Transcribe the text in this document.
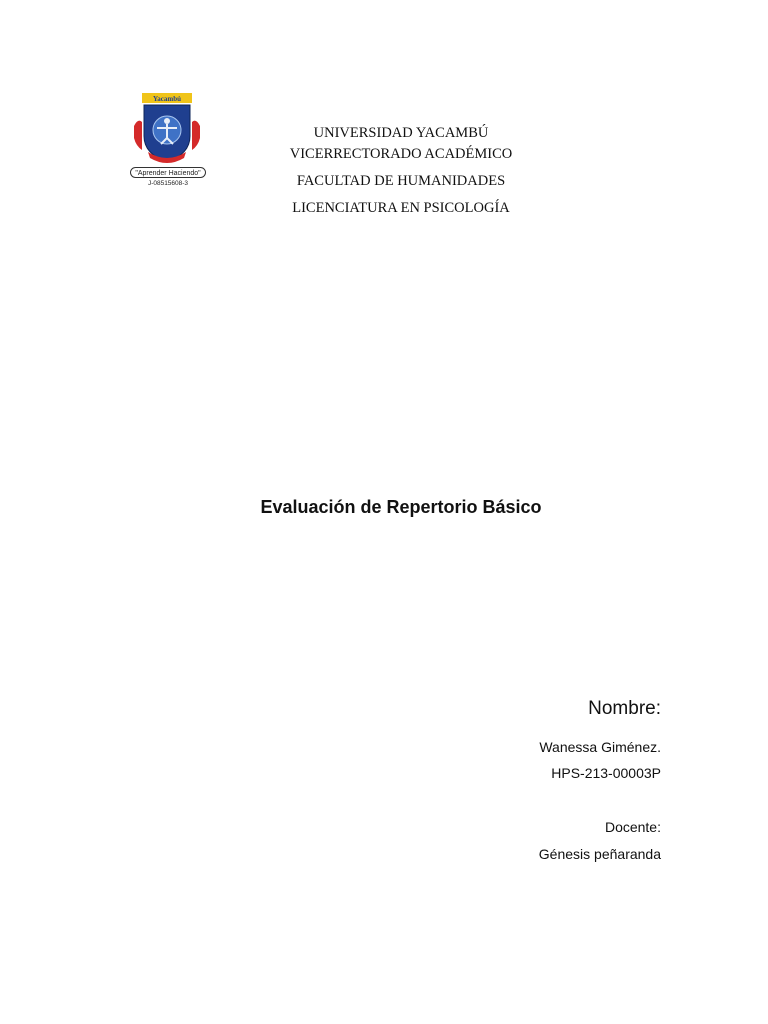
Yacambú
"Aprender Haciendo"
J-08515608-3
UNIVERSIDAD YACAMBÚ
VICERRECTORADO ACADÉMICO
FACULTAD DE HUMANIDADES
LICENCIATURA EN PSICOLOGÍA
Evaluación de Repertorio Básico
Nombre:
Wanessa Giménez.
HPS-213-00003P
Docente:
Génesis peñaranda
